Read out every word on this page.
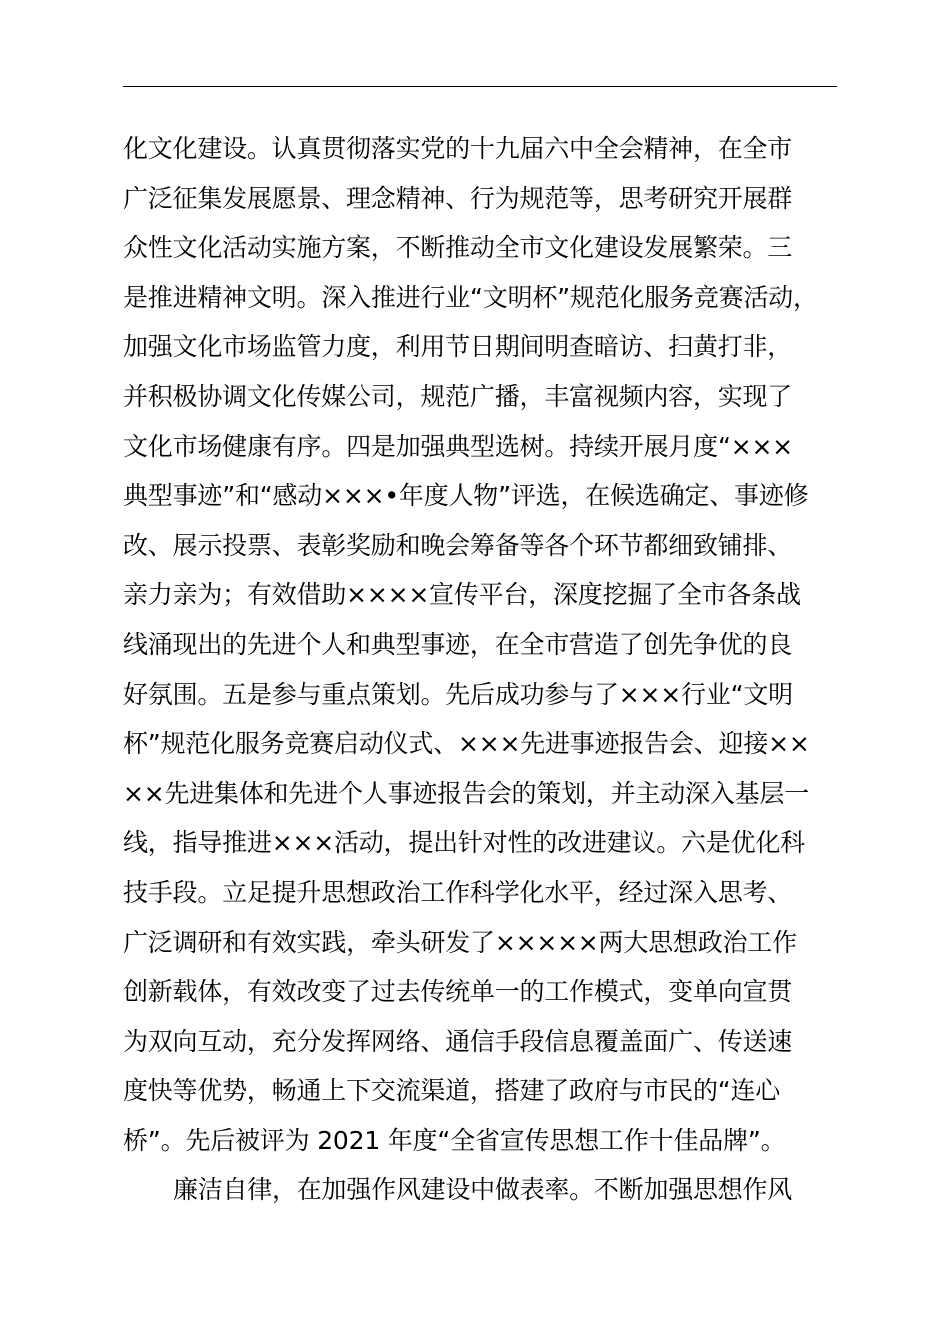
化文化建设。认真贯彻落实党的十九届六中全会精神，在全市
广泛征集发展愿景、理念精神、行为规范等，思考研究开展群
众性文化活动实施方案，不断推动全市文化建设发展繁荣。三
是推进精神文明。深入推进行业“文明杯”规范化服务竞赛活动，
加强文化市场监管力度，利用节日期间明查暗访、扫黄打非，
并积极协调文化传媒公司，规范广播，丰富视频内容，实现了
文化市场健康有序。四是加强典型选树。持续开展月度“×××
典型事迹”和“感动×××•年度人物”评选，在候选确定、事迹修
改、展示投票、表彰奖励和晚会筹备等各个环节都细致铺排、
亲力亲为；有效借助××××宣传平台，深度挖掘了全市各条战
线涌现出的先进个人和典型事迹，在全市营造了创先争优的良
好氛围。五是参与重点策划。先后成功参与了×××行业“文明
杯”规范化服务竞赛启动仪式、×××先进事迹报告会、迎接××
××先进集体和先进个人事迹报告会的策划，并主动深入基层一
线，指导推进×××活动，提出针对性的改进建议。六是优化科
技手段。立足提升思想政治工作科学化水平，经过深入思考、
广泛调研和有效实践，牵头研发了×××××两大思想政治工作
创新载体，有效改变了过去传统单一的工作模式，变单向宣贯
为双向互动，充分发挥网络、通信手段信息覆盖面广、传送速
度快等优势，畅通上下交流渠道，搭建了政府与市民的“连心
桥”。先后被评为 2021 年度“全省宣传思想工作十佳品牌”。
廉洁自律，在加强作风建设中做表率。不断加强思想作风
